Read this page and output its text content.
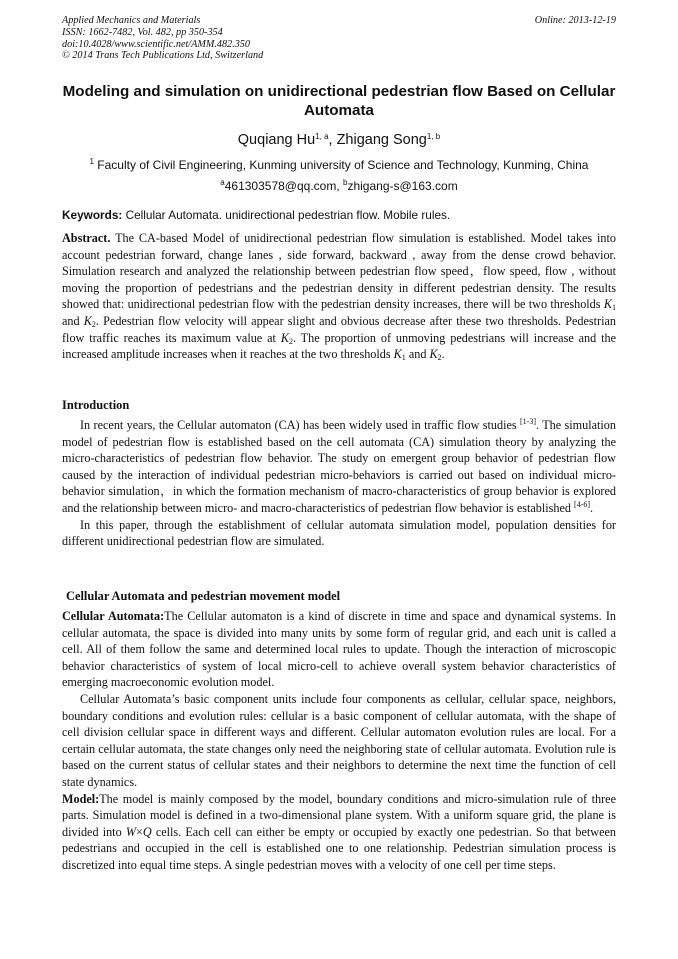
Applied Mechanics and Materials
ISSN: 1662-7482, Vol. 482, pp 350-354
doi:10.4028/www.scientific.net/AMM.482.350
© 2014 Trans Tech Publications Ltd, Switzerland
Online: 2013-12-19
Modeling and simulation on unidirectional pedestrian flow Based on Cellular Automata
Quqiang Hu$^{1, a}$, Zhigang Song$^{1, b}$
$^1$ Faculty of Civil Engineering, Kunming university of Science and Technology, Kunming, China
$^a$461303578@qq.com, $^b$zhigang-s@163.com
Keywords: Cellular Automata. unidirectional pedestrian flow. Mobile rules.

Abstract. The CA-based Model of unidirectional pedestrian flow simulation is established. Model takes into account pedestrian forward, change lanes , side forward, backward , away from the dense crowd behavior. Simulation research and analyzed the relationship between pedestrian flow speed，flow speed, flow , without moving the proportion of pedestrians and the pedestrian density in different pedestrian density. The results showed that: unidirectional pedestrian flow with the pedestrian density increases, there will be two thresholds $K_1$ and $K_2$. Pedestrian flow velocity will appear slight and obvious decrease after these two thresholds. Pedestrian flow traffic reaches its maximum value at $K_2$. The proportion of unmoving pedestrians will increase and the increased amplitude increases when it reaches at the two thresholds $K_1$ and $K_2$.

Introduction

In recent years, the Cellular automaton (CA) has been widely used in traffic flow studies [1-3]. The simulation model of pedestrian flow is established based on the cell automata (CA) simulation theory by analyzing the micro-characteristics of pedestrian flow behavior. The study on emergent group behavior of pedestrian flow caused by the interaction of individual pedestrian micro-behaviors is carried out based on individual micro-behavior simulation，in which the formation mechanism of macro-characteristics of group behavior is explored and the relationship between micro- and macro-characteristics of pedestrian flow behavior is established [4-6].

In this paper, through the establishment of cellular automata simulation model, population densities for different unidirectional pedestrian flow are simulated.

Cellular Automata and pedestrian movement model

Cellular Automata:The Cellular automaton is a kind of discrete in time and space and dynamical systems. In cellular automata, the space is divided into many units by some form of regular grid, and each unit is called a cell. All of them follow the same and determined local rules to update. Though the interaction of microscopic behavior characteristics of system of local micro-cell to achieve overall system behavior characteristics of emerging macroeconomic evolution model.

Cellular Automata’s basic component units include four components as cellular, cellular space, neighbors, boundary conditions and evolution rules: cellular is a basic component of cellular automata, with the shape of cell division cellular space in different ways and different. Cellular automaton evolution rules are local. For a certain cellular automata, the state changes only need the neighboring state of cellular automata. Evolution rule is based on the current status of cellular states and their neighbors to determine the next time the function of cell state dynamics.

Model:The model is mainly composed by the model, boundary conditions and micro-simulation rule of three parts. Simulation model is defined in a two-dimensional plane system. With a uniform square grid, the plane is divided into W×Q cells. Each cell can either be empty or occupied by exactly one pedestrian. So that between pedestrians and occupied in the cell is established one to one relationship. Pedestrian simulation process is discretized into equal time steps. A single pedestrian moves with a velocity of one cell per time steps.
